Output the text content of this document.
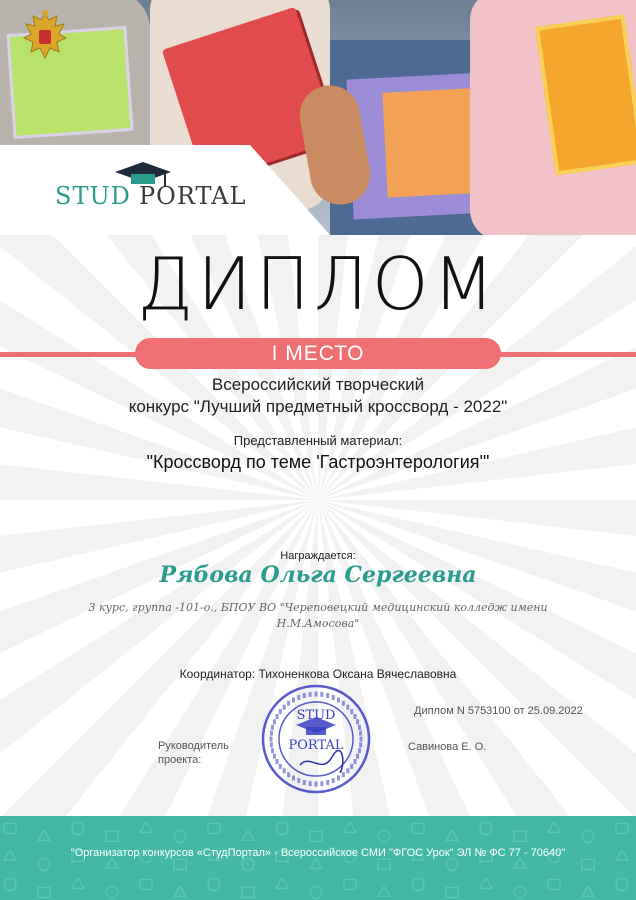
STUD PORTAL
ДИПЛОМ
I МЕСТО
Всероссийский творческий
конкурс "Лучший предметный кроссворд - 2022"
Представленный материал:
"Кроссворд по теме 'Гастроэнтерология'"
Награждается:
Рябова Ольга Сергеевна
3 курс, группа -101-о., БПОУ ВО "Череповецкий медицинский колледж имени Н.М.Амосова"
Координатор: Тихоненкова Оксана Вячеславовна
Диплом N 5753100 от 25.09.2022
Руководитель проекта:
Савинова Е. О.
STUD
PORTAL
"Организатор конкурсов «СтудПортал» - Всероссийское СМИ "ФГОС Урок" ЭЛ № ФС 77 - 70640"
